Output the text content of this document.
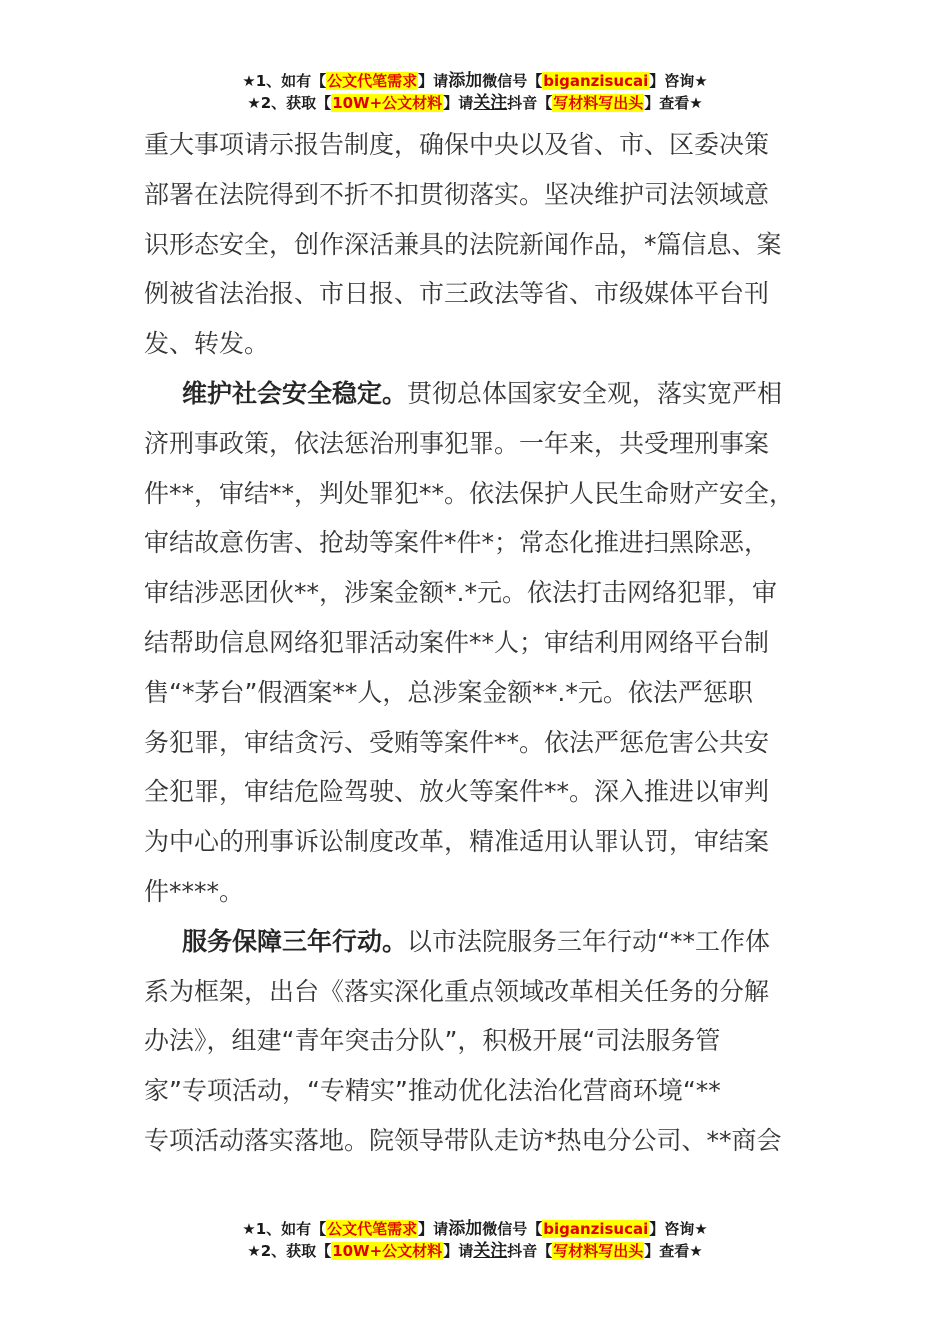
★1、如有【公文代笔需求】请添加微信号【biganzisucai】咨询★
★2、获取【10W+公文材料】请关注抖音【写材料写出头】查看★

重大事项请示报告制度，确保中央以及省、市、区委决策
部署在法院得到不折不扣贯彻落实。坚决维护司法领域意
识形态安全，创作深活兼具的法院新闻作品，*篇信息、案
例被省法治报、市日报、市三政法等省、市级媒体平台刊
发、转发。

维护社会安全稳定。贯彻总体国家安全观，落实宽严相
济刑事政策，依法惩治刑事犯罪。一年来，共受理刑事案
件**，审结**，判处罪犯**。依法保护人民生命财产安全，
审结故意伤害、抢劫等案件*件*；常态化推进扫黑除恶，
审结涉恶团伙**，涉案金额*.*元。依法打击网络犯罪，审
结帮助信息网络犯罪活动案件**人；审结利用网络平台制
售“*茅台”假酒案**人，总涉案金额**.*元。依法严惩职
务犯罪，审结贪污、受贿等案件**。依法严惩危害公共安
全犯罪，审结危险驾驶、放火等案件**。深入推进以审判
为中心的刑事诉讼制度改革，精准适用认罪认罚，审结案
件****。

服务保障三年行动。以市法院服务三年行动“**工作体
系为框架，出台《落实深化重点领域改革相关任务的分解
办法》，组建“青年突击分队”，积极开展“司法服务管
家”专项活动，“专精实”推动优化法治化营商环境“**
专项活动落实落地。院领导带队走访*热电分公司、**商会

★1、如有【公文代笔需求】请添加微信号【biganzisucai】咨询★
★2、获取【10W+公文材料】请关注抖音【写材料写出头】查看★
